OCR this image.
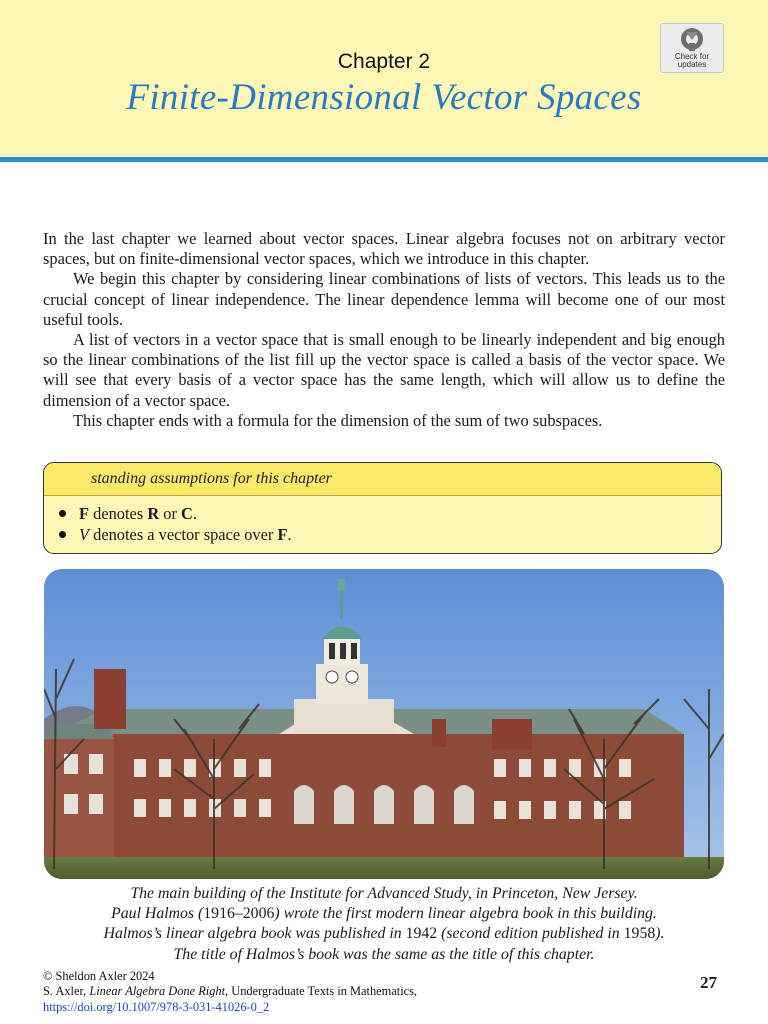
Chapter 2
Finite-Dimensional Vector Spaces
Check for
updates

In the last chapter we learned about vector spaces. Linear algebra focuses not on arbitrary vector spaces, but on finite-dimensional vector spaces, which we introduce in this chapter.

We begin this chapter by considering linear combinations of lists of vectors. This leads us to the crucial concept of linear independence. The linear dependence lemma will become one of our most useful tools.

A list of vectors in a vector space that is small enough to be linearly independent and big enough so the linear combinations of the list fill up the vector space is called a basis of the vector space. We will see that every basis of a vector space has the same length, which will allow us to define the dimension of a vector space.

This chapter ends with a formula for the dimension of the sum of two subspaces.

standing assumptions for this chapter
F
denotes
R
or
C .
V
denotes a vector space over
F .
The main building of the Institute for Advanced Study, in Princeton, New Jersey.
Paul Halmos (1916–2006) wrote the first modern linear algebra book in this building.
Halmos’s linear algebra book was published in 1942 (second edition published in 1958).
The title of Halmos’s book was the same as the title of this chapter.
© Sheldon Axler 2024
S. Axler, Linear Algebra Done Right, Undergraduate Texts in Mathematics,
https://doi.org/10.1007/978-3-031-41026-0_2
27
